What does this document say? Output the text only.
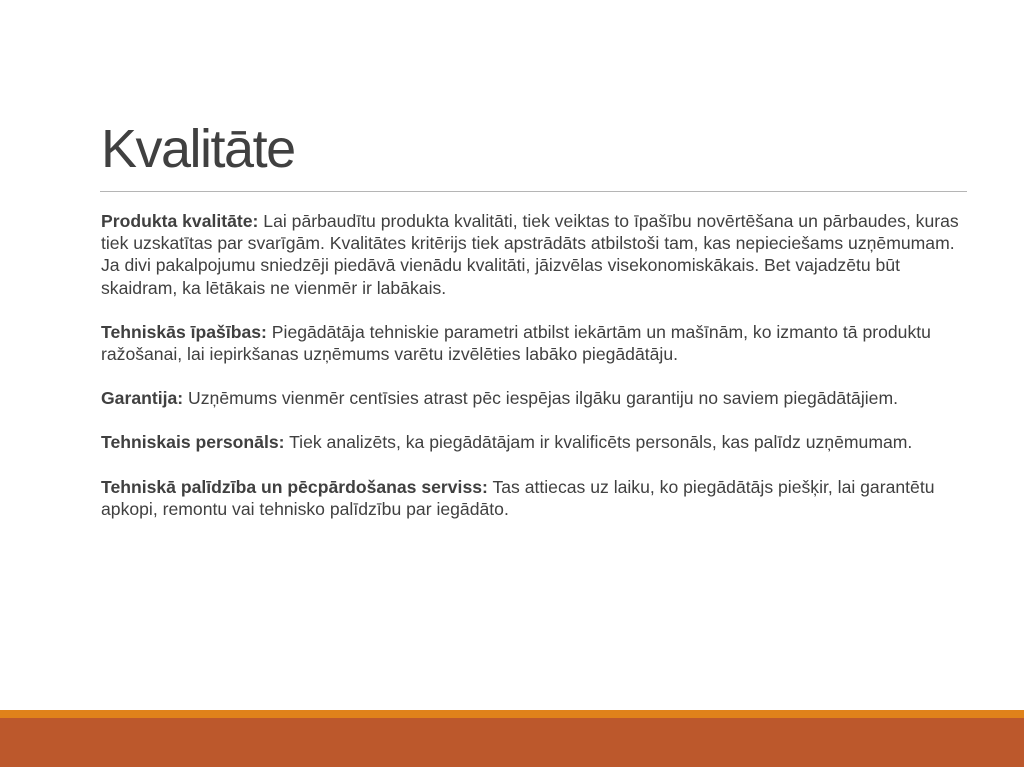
Kvalitāte

Produkta kvalitāte: Lai pārbaudītu produkta kvalitāti, tiek veiktas to īpašību novērtēšana un pārbaudes, kuras tiek uzskatītas par svarīgām. Kvalitātes kritērijs tiek apstrādāts atbilstoši tam, kas nepieciešams uzņēmumam. Ja divi pakalpojumu sniedzēji piedāvā vienādu kvalitāti, jāizvēlas visekonomiskākais. Bet vajadzētu būt skaidram, ka lētākais ne vienmēr ir labākais.

Tehniskās īpašības: Piegādātāja tehniskie parametri atbilst iekārtām un mašīnām, ko izmanto tā produktu ražošanai, lai iepirkšanas uzņēmums varētu izvēlēties labāko piegādātāju.

Garantija: Uzņēmums vienmēr centīsies atrast pēc iespējas ilgāku garantiju no saviem piegādātājiem.

Tehniskais personāls: Tiek analizēts, ka piegādātājam ir kvalificēts personāls, kas palīdz uzņēmumam.

Tehniskā palīdzība un pēcpārdošanas serviss: Tas attiecas uz laiku, ko piegādātājs piešķir, lai garantētu apkopi, remontu vai tehnisko palīdzību par iegādāto.
